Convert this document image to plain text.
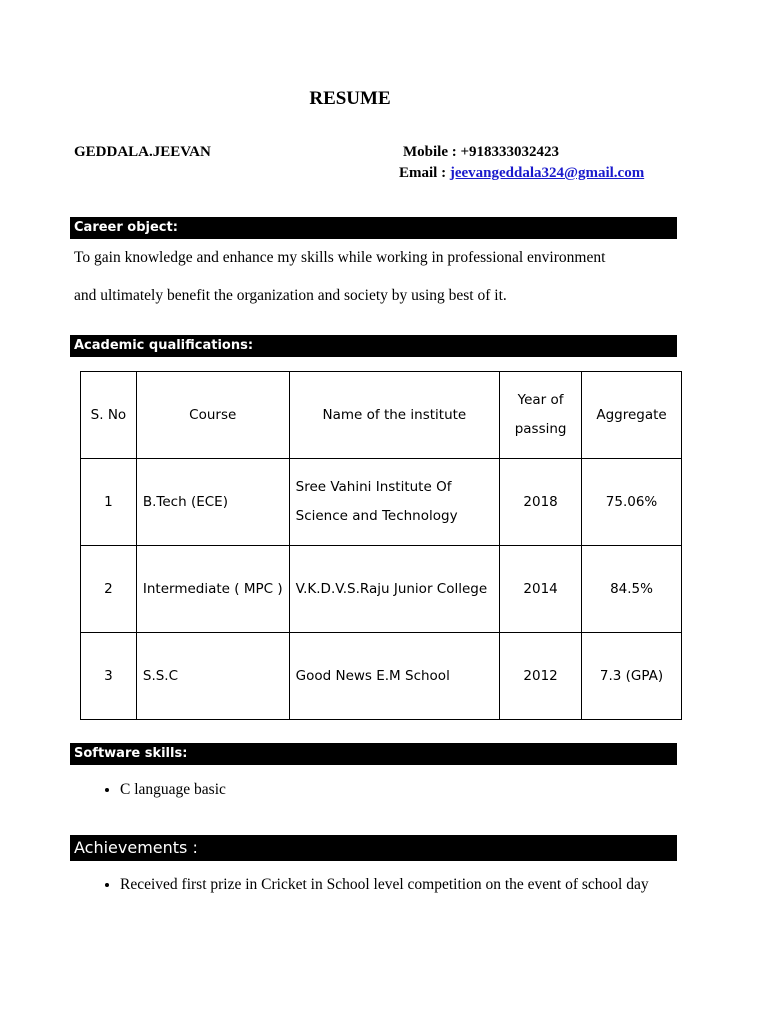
RESUME
GEDDALA.JEEVAN	Mobile : +918333032423
Email : jeevangeddala324@gmail.com
Career object:
To gain knowledge and enhance my skills while working in professional environment
and ultimately benefit the organization and society by using best of it.
Academic qualifications:
S. No	Course	Name of the institute	Year of passing	Aggregate
1	B.Tech (ECE)	Sree Vahini Institute Of Science and Technology	2018	75.06%
2	Intermediate ( MPC )	V.K.D.V.S.Raju Junior College	2014	84.5%
3	S.S.C	Good News E.M School	2012	7.3 (GPA)
Software skills:
• C language basic
Achievements :
• Received first prize in Cricket in School level competition on the event of school day
